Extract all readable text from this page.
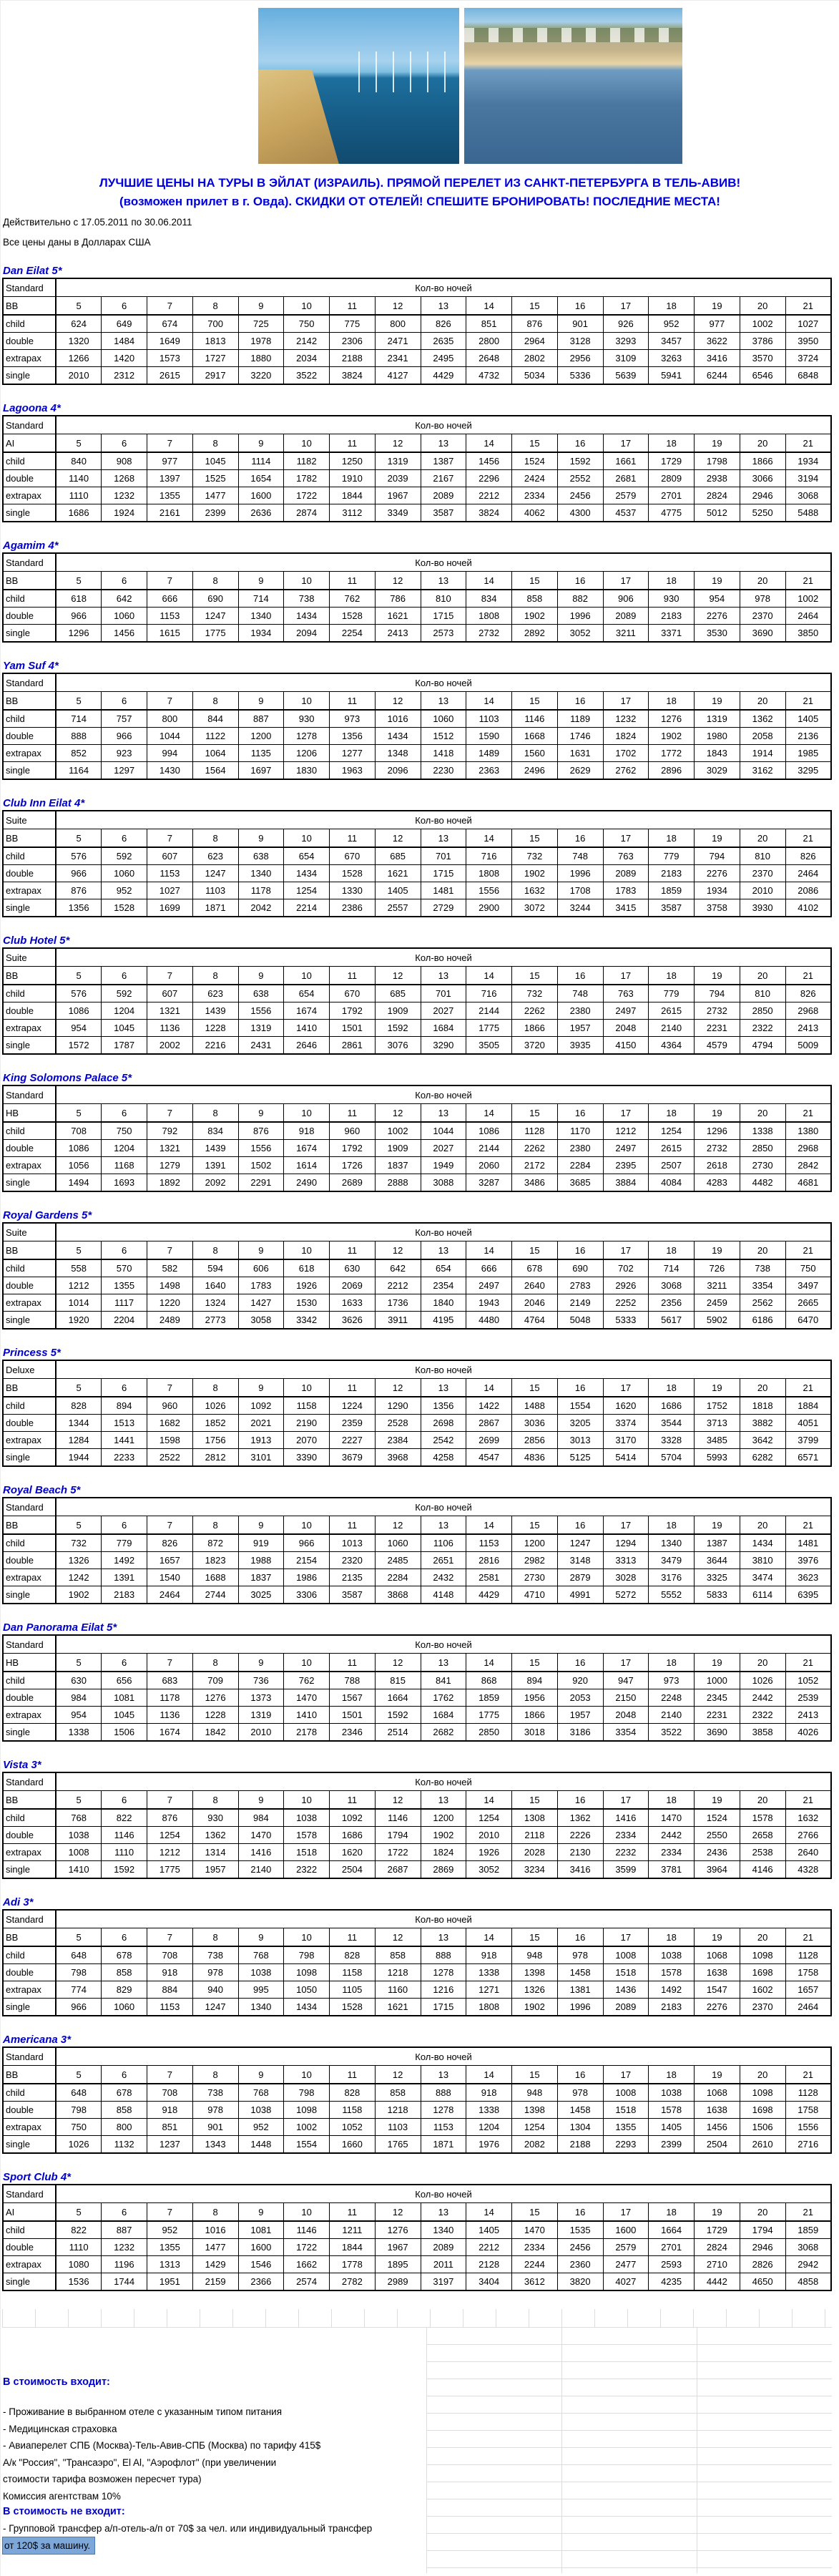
ЛУЧШИЕ ЦЕНЫ НА ТУРЫ В ЭЙЛАТ (ИЗРАИЛЬ). ПРЯМОЙ ПЕРЕЛЕТ ИЗ САНКТ-ПЕТЕРБУРГА В ТЕЛЬ-АВИВ!
(возможен прилет в г. Овда). СКИДКИ ОТ ОТЕЛЕЙ! СПЕШИТЕ БРОНИРОВАТЬ! ПОСЛЕДНИЕ МЕСТА!
Действительно с 17.05.2011 по 30.06.2011
Все цены даны в Долларах США
Dan Eilat 5*
Standard	Кол-во ночей																
BB	5	6	7	8	9	10	11	12	13	14	15	16	17	18	19	20	21
child	624	649	674	700	725	750	775	800	826	851	876	901	926	952	977	1002	1027
double	1320	1484	1649	1813	1978	2142	2306	2471	2635	2800	2964	3128	3293	3457	3622	3786	3950
extrapax	1266	1420	1573	1727	1880	2034	2188	2341	2495	2648	2802	2956	3109	3263	3416	3570	3724
single	2010	2312	2615	2917	3220	3522	3824	4127	4429	4732	5034	5336	5639	5941	6244	6546	6848
Lagoona 4*
Standard	Кол-во ночей																
AI	5	6	7	8	9	10	11	12	13	14	15	16	17	18	19	20	21
child	840	908	977	1045	1114	1182	1250	1319	1387	1456	1524	1592	1661	1729	1798	1866	1934
double	1140	1268	1397	1525	1654	1782	1910	2039	2167	2296	2424	2552	2681	2809	2938	3066	3194
extrapax	1110	1232	1355	1477	1600	1722	1844	1967	2089	2212	2334	2456	2579	2701	2824	2946	3068
single	1686	1924	2161	2399	2636	2874	3112	3349	3587	3824	4062	4300	4537	4775	5012	5250	5488
Agamim 4*
Standard	Кол-во ночей																
BB	5	6	7	8	9	10	11	12	13	14	15	16	17	18	19	20	21
child	618	642	666	690	714	738	762	786	810	834	858	882	906	930	954	978	1002
double	966	1060	1153	1247	1340	1434	1528	1621	1715	1808	1902	1996	2089	2183	2276	2370	2464
single	1296	1456	1615	1775	1934	2094	2254	2413	2573	2732	2892	3052	3211	3371	3530	3690	3850
Yam Suf 4*
Standard	Кол-во ночей																
BB	5	6	7	8	9	10	11	12	13	14	15	16	17	18	19	20	21
child	714	757	800	844	887	930	973	1016	1060	1103	1146	1189	1232	1276	1319	1362	1405
double	888	966	1044	1122	1200	1278	1356	1434	1512	1590	1668	1746	1824	1902	1980	2058	2136
extrapax	852	923	994	1064	1135	1206	1277	1348	1418	1489	1560	1631	1702	1772	1843	1914	1985
single	1164	1297	1430	1564	1697	1830	1963	2096	2230	2363	2496	2629	2762	2896	3029	3162	3295
Club Inn Eilat 4*
Suite	Кол-во ночей																
BB	5	6	7	8	9	10	11	12	13	14	15	16	17	18	19	20	21
child	576	592	607	623	638	654	670	685	701	716	732	748	763	779	794	810	826
double	966	1060	1153	1247	1340	1434	1528	1621	1715	1808	1902	1996	2089	2183	2276	2370	2464
extrapax	876	952	1027	1103	1178	1254	1330	1405	1481	1556	1632	1708	1783	1859	1934	2010	2086
single	1356	1528	1699	1871	2042	2214	2386	2557	2729	2900	3072	3244	3415	3587	3758	3930	4102
Club Hotel 5*
Suite	Кол-во ночей																
BB	5	6	7	8	9	10	11	12	13	14	15	16	17	18	19	20	21
child	576	592	607	623	638	654	670	685	701	716	732	748	763	779	794	810	826
double	1086	1204	1321	1439	1556	1674	1792	1909	2027	2144	2262	2380	2497	2615	2732	2850	2968
extrapax	954	1045	1136	1228	1319	1410	1501	1592	1684	1775	1866	1957	2048	2140	2231	2322	2413
single	1572	1787	2002	2216	2431	2646	2861	3076	3290	3505	3720	3935	4150	4364	4579	4794	5009
King Solomons Palace 5*
Standard	Кол-во ночей																
HB	5	6	7	8	9	10	11	12	13	14	15	16	17	18	19	20	21
child	708	750	792	834	876	918	960	1002	1044	1086	1128	1170	1212	1254	1296	1338	1380
double	1086	1204	1321	1439	1556	1674	1792	1909	2027	2144	2262	2380	2497	2615	2732	2850	2968
extrapax	1056	1168	1279	1391	1502	1614	1726	1837	1949	2060	2172	2284	2395	2507	2618	2730	2842
single	1494	1693	1892	2092	2291	2490	2689	2888	3088	3287	3486	3685	3884	4084	4283	4482	4681
Royal Gardens 5*
Suite	Кол-во ночей																
BB	5	6	7	8	9	10	11	12	13	14	15	16	17	18	19	20	21
child	558	570	582	594	606	618	630	642	654	666	678	690	702	714	726	738	750
double	1212	1355	1498	1640	1783	1926	2069	2212	2354	2497	2640	2783	2926	3068	3211	3354	3497
extrapax	1014	1117	1220	1324	1427	1530	1633	1736	1840	1943	2046	2149	2252	2356	2459	2562	2665
single	1920	2204	2489	2773	3058	3342	3626	3911	4195	4480	4764	5048	5333	5617	5902	6186	6470
Princess 5*
Deluxe	Кол-во ночей																
BB	5	6	7	8	9	10	11	12	13	14	15	16	17	18	19	20	21
child	828	894	960	1026	1092	1158	1224	1290	1356	1422	1488	1554	1620	1686	1752	1818	1884
double	1344	1513	1682	1852	2021	2190	2359	2528	2698	2867	3036	3205	3374	3544	3713	3882	4051
extrapax	1284	1441	1598	1756	1913	2070	2227	2384	2542	2699	2856	3013	3170	3328	3485	3642	3799
single	1944	2233	2522	2812	3101	3390	3679	3968	4258	4547	4836	5125	5414	5704	5993	6282	6571
Royal Beach 5*
Standard	Кол-во ночей																
BB	5	6	7	8	9	10	11	12	13	14	15	16	17	18	19	20	21
child	732	779	826	872	919	966	1013	1060	1106	1153	1200	1247	1294	1340	1387	1434	1481
double	1326	1492	1657	1823	1988	2154	2320	2485	2651	2816	2982	3148	3313	3479	3644	3810	3976
extrapax	1242	1391	1540	1688	1837	1986	2135	2284	2432	2581	2730	2879	3028	3176	3325	3474	3623
single	1902	2183	2464	2744	3025	3306	3587	3868	4148	4429	4710	4991	5272	5552	5833	6114	6395
Dan Panorama Eilat 5*
Standard	Кол-во ночей																
HB	5	6	7	8	9	10	11	12	13	14	15	16	17	18	19	20	21
child	630	656	683	709	736	762	788	815	841	868	894	920	947	973	1000	1026	1052
double	984	1081	1178	1276	1373	1470	1567	1664	1762	1859	1956	2053	2150	2248	2345	2442	2539
extrapax	954	1045	1136	1228	1319	1410	1501	1592	1684	1775	1866	1957	2048	2140	2231	2322	2413
single	1338	1506	1674	1842	2010	2178	2346	2514	2682	2850	3018	3186	3354	3522	3690	3858	4026
Vista 3*
Standard	Кол-во ночей																
BB	5	6	7	8	9	10	11	12	13	14	15	16	17	18	19	20	21
child	768	822	876	930	984	1038	1092	1146	1200	1254	1308	1362	1416	1470	1524	1578	1632
double	1038	1146	1254	1362	1470	1578	1686	1794	1902	2010	2118	2226	2334	2442	2550	2658	2766
extrapax	1008	1110	1212	1314	1416	1518	1620	1722	1824	1926	2028	2130	2232	2334	2436	2538	2640
single	1410	1592	1775	1957	2140	2322	2504	2687	2869	3052	3234	3416	3599	3781	3964	4146	4328
Adi 3*
Standard	Кол-во ночей																
BB	5	6	7	8	9	10	11	12	13	14	15	16	17	18	19	20	21
child	648	678	708	738	768	798	828	858	888	918	948	978	1008	1038	1068	1098	1128
double	798	858	918	978	1038	1098	1158	1218	1278	1338	1398	1458	1518	1578	1638	1698	1758
extrapax	774	829	884	940	995	1050	1105	1160	1216	1271	1326	1381	1436	1492	1547	1602	1657
single	966	1060	1153	1247	1340	1434	1528	1621	1715	1808	1902	1996	2089	2183	2276	2370	2464
Americana 3*
Standard	Кол-во ночей																
BB	5	6	7	8	9	10	11	12	13	14	15	16	17	18	19	20	21
child	648	678	708	738	768	798	828	858	888	918	948	978	1008	1038	1068	1098	1128
double	798	858	918	978	1038	1098	1158	1218	1278	1338	1398	1458	1518	1578	1638	1698	1758
extrapax	750	800	851	901	952	1002	1052	1103	1153	1204	1254	1304	1355	1405	1456	1506	1556
single	1026	1132	1237	1343	1448	1554	1660	1765	1871	1976	2082	2188	2293	2399	2504	2610	2716
Sport Club 4*
Standard	Кол-во ночей																
AI	5	6	7	8	9	10	11	12	13	14	15	16	17	18	19	20	21
child	822	887	952	1016	1081	1146	1211	1276	1340	1405	1470	1535	1600	1664	1729	1794	1859
double	1110	1232	1355	1477	1600	1722	1844	1967	2089	2212	2334	2456	2579	2701	2824	2946	3068
extrapax	1080	1196	1313	1429	1546	1662	1778	1895	2011	2128	2244	2360	2477	2593	2710	2826	2942
single	1536	1744	1951	2159	2366	2574	2782	2989	3197	3404	3612	3820	4027	4235	4442	4650	4858
В стоимость входит:
- Проживание в выбранном отеле с указанным типом питания
- Медицинская страховка
- Авиаперелет СПБ (Москва)-Тель-Авив-СПБ (Москва) по тарифу 415$
А/к "Россия", "Трансаэро", El Al, "Аэрофлот" (при увеличении
стоимости тарифа возможен пересчет тура)
Комиссия агентствам 10%
В стоимость не входит:
- Групповой трансфер а/п-отель-а/п от 70$ за чел. или индивидуальный трансфер
от 120$ за машину.
